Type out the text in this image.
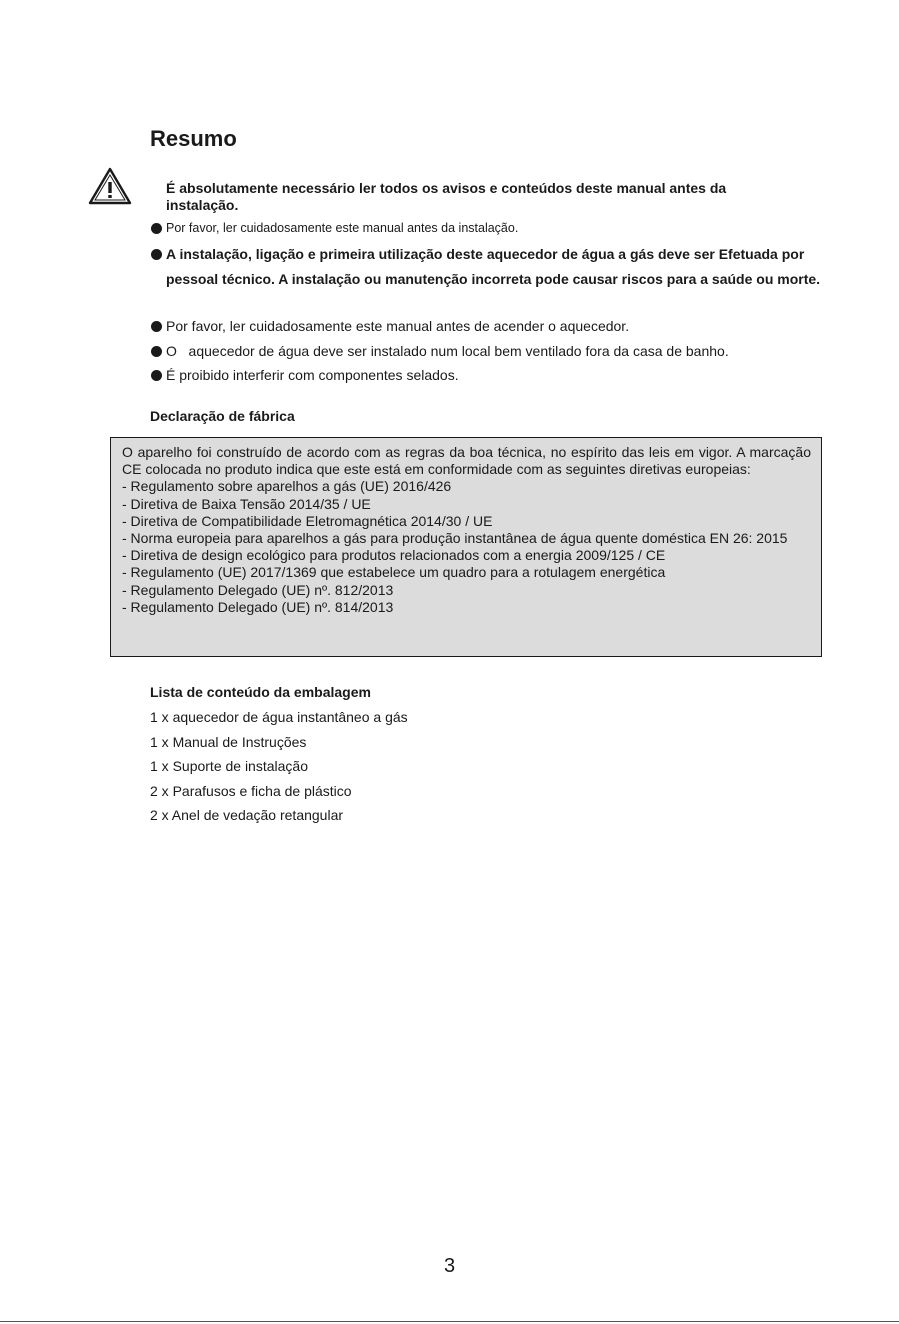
Resumo
É absolutamente necessário ler todos os avisos e conteúdos deste manual antes da instalação.
Por favor, ler cuidadosamente este manual antes da instalação.
A instalação, ligação e primeira utilização deste aquecedor de água a gás deve ser Efetuada por pessoal técnico. A instalação ou manutenção incorreta pode causar riscos para a saúde ou morte.
Por favor, ler cuidadosamente este manual antes de acender o aquecedor.
O   aquecedor de água deve ser instalado num local bem ventilado fora da casa de banho.
É proibido interferir com componentes selados.
Declaração de fábrica

O aparelho foi construído de acordo com as regras da boa técnica, no espírito das leis em vigor. A marcação CE colocada no produto indica que este está em conformidade com as seguintes diretivas europeias:

- Regulamento sobre aparelhos a gás (UE) 2016/426

- Diretiva de Baixa Tensão 2014/35 / UE

- Diretiva de Compatibilidade Eletromagnética 2014/30 / UE

- Norma europeia para aparelhos a gás para produção instantânea de água quente doméstica EN 26: 2015

- Diretiva de design ecológico para produtos relacionados com a energia 2009/125 / CE

- Regulamento (UE) 2017/1369 que estabelece um quadro para a rotulagem energética

- Regulamento Delegado (UE) nº. 812/2013

- Regulamento Delegado (UE) nº. 814/2013

Lista de conteúdo da embalagem
1 x aquecedor de água instantâneo a gás
1 x Manual de Instruções
1 x Suporte de instalação
2 x Parafusos e ficha de plástico
2 x Anel de vedação retangular
3
